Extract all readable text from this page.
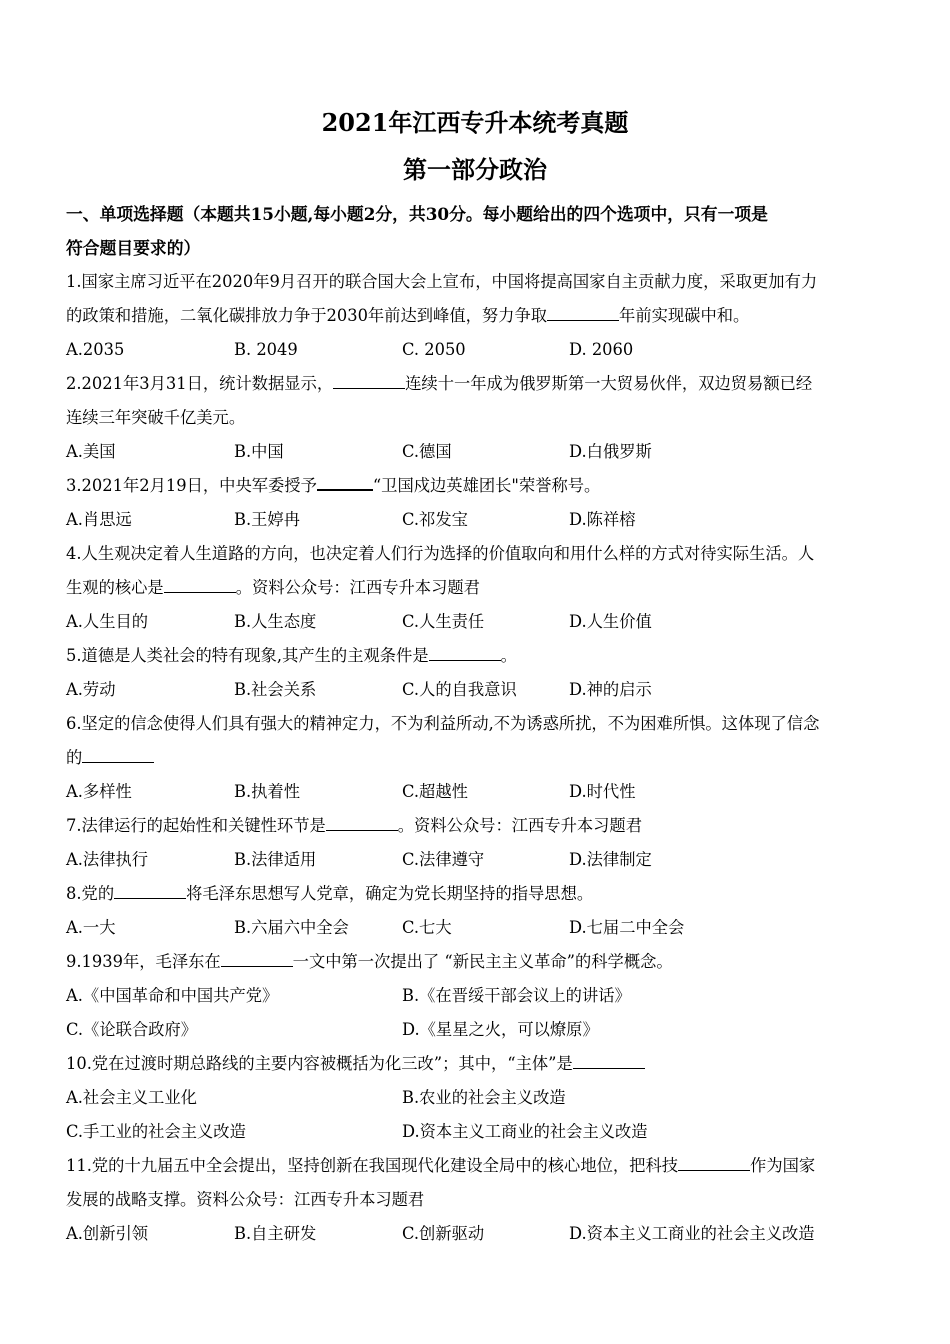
2021年江西专升本统考真题
第一部分政治
一、单项选择题（本题共15小题,每小题2分，共30分。每小题给出的四个选项中，只有一项是
符合题目要求的）
1.国家主席习近平在2020年9月召开的联合国大会上宣布，中国将提高国家自主贡献力度，采取更加有力
的政策和措施，二氧化碳排放力争于2030年前达到峰值，努力争取	年前实现碳中和。
A.2035	B. 2049	C. 2050	D. 2060
2.2021年3月31日，统计数据显示，	连续十一年成为俄罗斯第一大贸易伙伴，双边贸易额已经
连续三年突破千亿美元。
A.美国	B.中国	C.德国	D.白俄罗斯
3.2021年2月19日，中央军委授予	“卫国戍边英雄团长"荣誉称号。
A.肖思远	B.王婷冉	C.祁发宝	D.陈祥榕
4.人生观决定着人生道路的方向，也决定着人们行为选择的价值取向和用什么样的方式对待实际生活。人
生观的核心是	。资料公众号：江西专升本习题君
A.人生目的	B.人生态度	C.人生责任	D.人生价值
5.道德是人类社会的特有现象,其产生的主观条件是	。
A.劳动	B.社会关系	C.人的自我意识	D.神的启示
6.坚定的信念使得人们具有强大的精神定力，不为利益所动,不为诱惑所扰，不为困难所惧。这体现了信念
的
A.多样性	B.执着性	C.超越性	D.时代性
7.法律运行的起始性和关键性环节是	。资料公众号：江西专升本习题君
A.法律执行	B.法律适用	C.法律遵守	D.法律制定
8.党的	将毛泽东思想写人党章，确定为党长期坚持的指导思想。
A.一大	B.六届六中全会	C.七大	D.七届二中全会
9.1939年，毛泽东在	一文中第一次提出了 “新民主主义革命”的科学概念。
A.《中国革命和中国共产党》	B.《在晋绥干部会议上的讲话》
C.《论联合政府》	D.《星星之火，可以燎原》
10.党在过渡时期总路线的主要内容被概括为化三改”；其中，“主体”是
A.社会主义工业化	B.农业的社会主义改造
C.手工业的社会主义改造	D.资本主义工商业的社会主义改造
11.党的十九届五中全会提出，坚持创新在我国现代化建设全局中的核心地位，把科技	作为国家
发展的战略支撑。资料公众号：江西专升本习题君
A.创新引领	B.自主研发	C.创新驱动	D.资本主义工商业的社会主义改造
